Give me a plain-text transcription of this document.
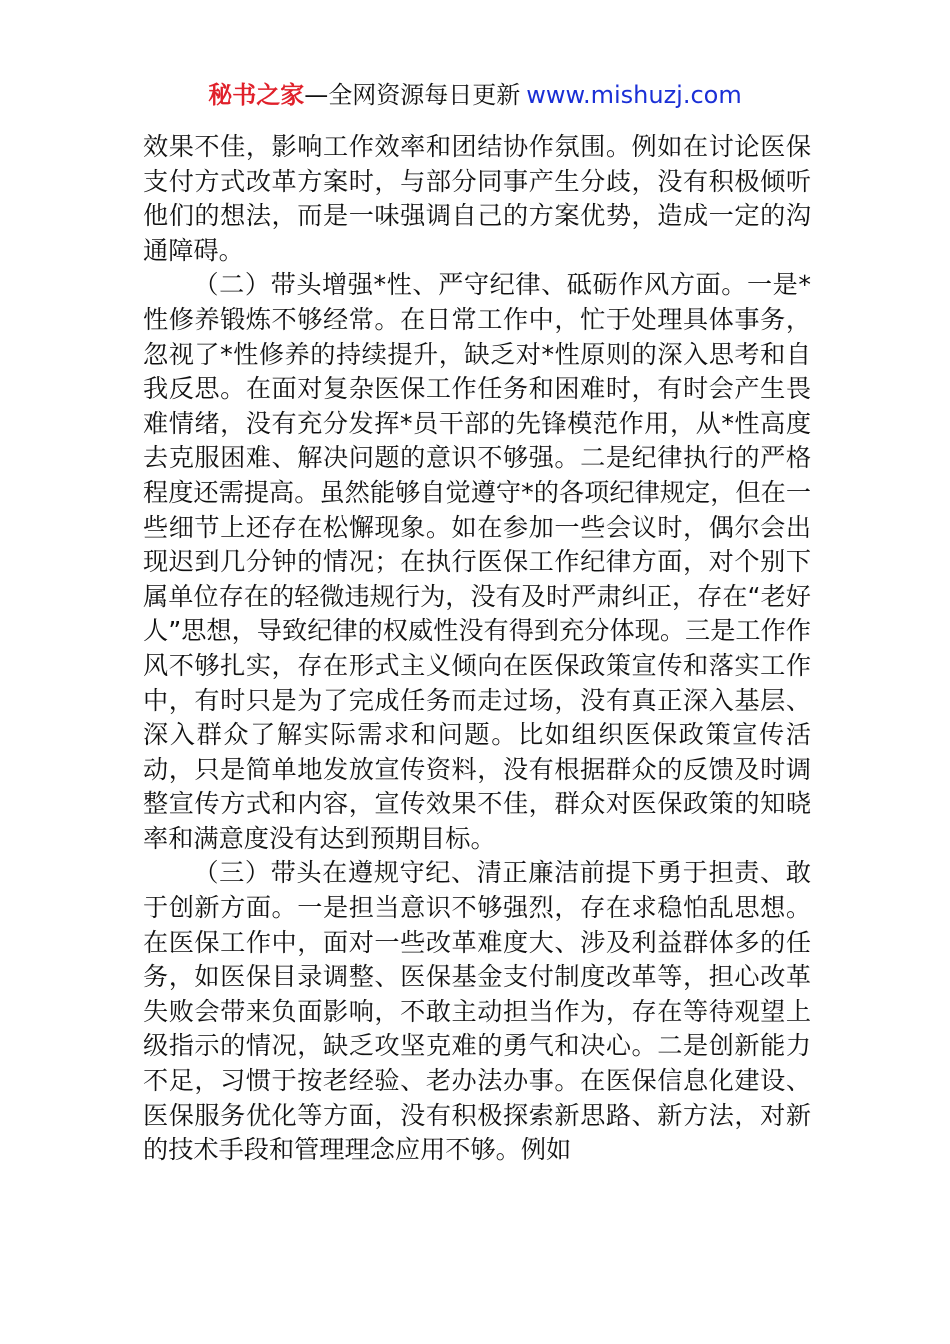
秘书之家—全网资源每日更新 www.mishuzj.com

效果不佳，影响工作效率和团结协作氛围。例如在讨论医保支付方式改革方案时，与部分同事产生分歧，没有积极倾听他们的想法，而是一味强调自己的方案优势，造成一定的沟通障碍。

（二）带头增强*性、严守纪律、砥砺作风方面。一是*性修养锻炼不够经常。在日常工作中，忙于处理具体事务，忽视了*性修养的持续提升，缺乏对*性原则的深入思考和自我反思。在面对复杂医保工作任务和困难时，有时会产生畏难情绪，没有充分发挥*员干部的先锋模范作用，从*性高度去克服困难、解决问题的意识不够强。二是纪律执行的严格程度还需提高。虽然能够自觉遵守*的各项纪律规定，但在一些细节上还存在松懈现象。如在参加一些会议时，偶尔会出现迟到几分钟的情况；在执行医保工作纪律方面，对个别下属单位存在的轻微违规行为，没有及时严肃纠正，存在“老好人”思想，导致纪律的权威性没有得到充分体现。三是工作作风不够扎实，存在形式主义倾向在医保政策宣传和落实工作中，有时只是为了完成任务而走过场，没有真正深入基层、深入群众了解实际需求和问题。比如组织医保政策宣传活动，只是简单地发放宣传资料，没有根据群众的反馈及时调整宣传方式和内容，宣传效果不佳，群众对医保政策的知晓率和满意度没有达到预期目标。

（三）带头在遵规守纪、清正廉洁前提下勇于担责、敢于创新方面。一是担当意识不够强烈，存在求稳怕乱思想。在医保工作中，面对一些改革难度大、涉及利益群体多的任务，如医保目录调整、医保基金支付制度改革等，担心改革失败会带来负面影响，不敢主动担当作为，存在等待观望上级指示的情况，缺乏攻坚克难的勇气和决心。二是创新能力不足，习惯于按老经验、老办法办事。在医保信息化建设、医保服务优化等方面，没有积极探索新思路、新方法，对新的技术手段和管理理念应用不够。例如
